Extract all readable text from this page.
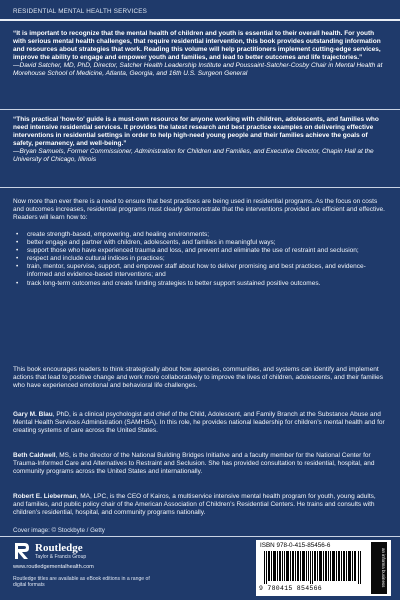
RESIDENTIAL MENTAL HEALTH SERVICES
“It is important to recognize that the mental health of children and youth is essential to their overall health. For youth with serious mental health challenges, that require residential intervention, this book provides outstanding information and resources about strategies that work. Reading this volume will help practitioners implement cutting-edge services, improve the ability to engage and empower youth and families, and lead to better outcomes and life trajectories.”
—David Satcher, MD, PhD, Director, Satcher Health Leadership Institute and Poussaint-Satcher-Cosby Chair in Mental Health at Morehouse School of Medicine, Atlanta, Georgia, and 16th U.S. Surgeon General
“This practical ‘how-to’ guide is a must-own resource for anyone working with children, adolescents, and families who need intensive residential services. It provides the latest research and best practice examples on delivering effective interventions in residential settings in order to help high-need young people and their families achieve the goals of safety, permanency, and well-being.”
—Bryan Samuels, Former Commissioner, Administration for Children and Families, and Executive Director, Chapin Hall at the University of Chicago, Illinois

Now more than ever there is a need to ensure that best practices are being used in residential programs. As the focus on costs and outcomes increases, residential programs must clearly demonstrate that the interventions provided are efficient and effective. Readers will learn how to:

• create strength-based, empowering, and healing environments;
• better engage and partner with children, adolescents, and families in meaningful ways;
• support those who have experienced trauma and loss, and prevent and eliminate the use of restraint and seclusion;
• respect and include cultural indices in practices;
• train, mentor, supervise, support, and empower staff about how to deliver promising and best practices, and evidence-informed and evidence-based interventions; and
• track long-term outcomes and create funding strategies to better support sustained positive outcomes.

This book encourages readers to think strategically about how agencies, communities, and systems can identify and implement actions that lead to positive change and work more collaboratively to improve the lives of children, adolescents, and their families who have experienced emotional and behavioral life challenges.

Gary M. Blau, PhD, is a clinical psychologist and chief of the Child, Adolescent, and Family Branch at the Substance Abuse and Mental Health Services Administration (SAMHSA). In this role, he provides national leadership for children’s mental health and for creating systems of care across the United States.

Beth Caldwell, MS, is the director of the National Building Bridges Initiative and a faculty member for the National Center for Trauma-Informed Care and Alternatives to Restraint and Seclusion. She has provided consultation to residential, hospital, and community programs across the United States and internationally.

Robert E. Lieberman, MA, LPC, is the CEO of Kairos, a multiservice intensive mental health program for youth, young adults, and families, and public policy chair of the American Association of Children’s Residential Centers. He trains and consults with children’s residential, hospital, and community programs nationally.

Cover image: © Stockbyte / Getty
Routledge
Taylor & Francis Group
www.routledgementalhealth.com
Routledge titles are available as eBook editions in a range of digital formats
ISBN 978-0-415-85456-6
9 780415 854566
an informa business
